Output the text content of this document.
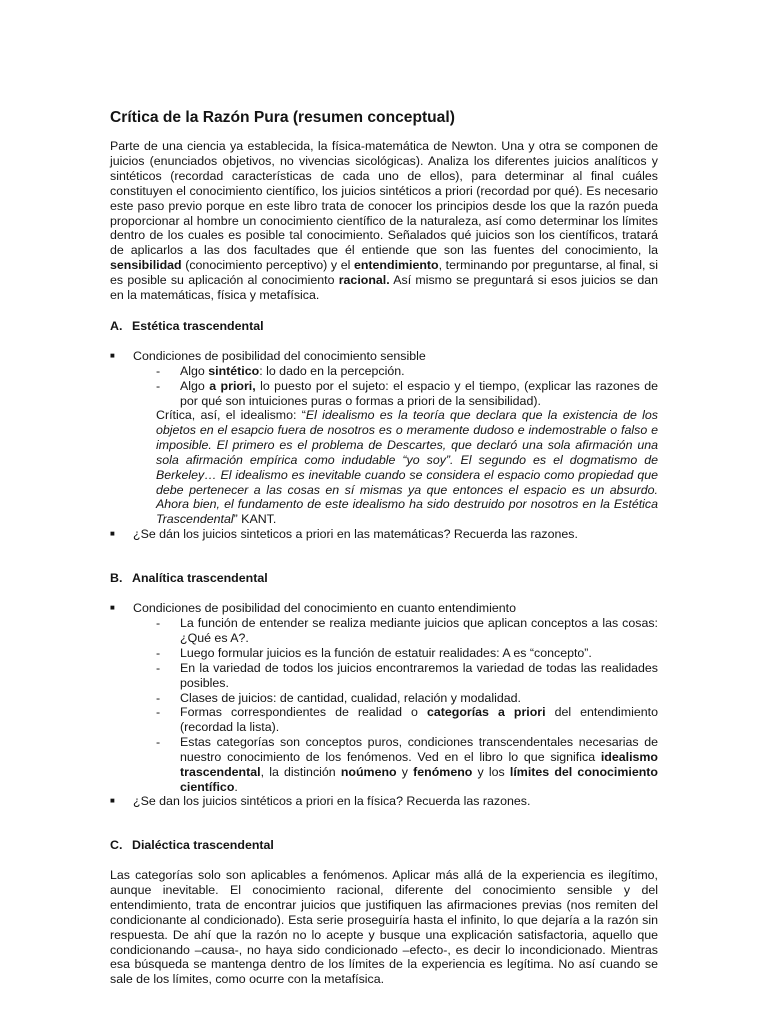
Crítica de la Razón Pura (resumen conceptual)

Parte de una ciencia ya establecida, la física-matemática de Newton. Una y otra se componen de juicios (enunciados objetivos, no vivencias sicológicas). Analiza los diferentes juicios analíticos y sintéticos (recordad características de cada uno de ellos), para determinar al final cuáles constituyen el conocimiento científico, los juicios sintéticos a priori (recordad por qué). Es necesario este paso previo porque en este libro trata de conocer los principios desde los que la razón pueda proporcionar al hombre un conocimiento científico de la naturaleza, así como determinar los límites dentro de los cuales es posible tal conocimiento. Señalados qué juicios son los científicos, tratará de aplicarlos a las dos facultades que él entiende que son las fuentes del conocimiento, la sensibilidad (conocimiento perceptivo) y el entendimiento, terminando por preguntarse, al final, si es posible su aplicación al conocimiento racional. Así mismo se preguntará si esos juicios se dan en la matemáticas, física y metafísica.

A. Estética trascendental
■ Condiciones de posibilidad del conocimiento sensible
- Algo sintético: lo dado en la percepción.
- Algo a priori, lo puesto por el sujeto: el espacio y el tiempo, (explicar las razones de por qué son intuiciones puras o formas a priori de la sensibilidad).

Crítica, así, el idealismo: “El idealismo es la teoría que declara que la existencia de los objetos en el esapcio fuera de nosotros es o meramente dudoso e indemostrable o falso e imposible. El primero es el problema de Descartes, que declaró una sola afirmación una sola afirmación empírica como indudable “yo soy”. El segundo es el dogmatismo de Berkeley… El idealismo es inevitable cuando se considera el espacio como propiedad que debe pertenecer a las cosas en sí mismas ya que entonces el espacio es un absurdo. Ahora bien, el fundamento de este idealismo ha sido destruido por nosotros en la Estética Trascendental” KANT.

■ ¿Se dán los juicios sinteticos a priori en las matemáticas? Recuerda las razones.
B. Analítica trascendental
■ Condiciones de posibilidad del conocimiento en cuanto entendimiento
- La función de entender se realiza mediante juicios que aplican conceptos a las cosas: ¿Qué es A?.
- Luego formular juicios es la función de estatuir realidades: A es “concepto”.
- En la variedad de todos los juicios encontraremos la variedad de todas las realidades posibles.
- Clases de juicios: de cantidad, cualidad, relación y modalidad.
- Formas correspondientes de realidad o categorías a priori del entendimiento (recordad la lista).
- Estas categorías son conceptos puros, condiciones transcendentales necesarias de nuestro conocimiento de los fenómenos. Ved en el libro lo que significa idealismo trascendental, la distinción noúmeno y fenómeno y los límites del conocimiento científico.
■ ¿Se dan los juicios sintéticos a priori en la física? Recuerda las razones.
C. Dialéctica trascendental

Las categorías solo son aplicables a fenómenos. Aplicar más allá de la experiencia es ilegítimo, aunque inevitable. El conocimiento racional, diferente del conocimiento sensible y del entendimiento, trata de encontrar juicios que justifiquen las afirmaciones previas (nos remiten del condicionante al condicionado). Esta serie proseguiría hasta el infinito, lo que dejaría a la razón sin respuesta. De ahí que la razón no lo acepte y busque una explicación satisfactoria, aquello que condicionando –causa-, no haya sido condicionado –efecto-, es decir lo incondicionado. Mientras esa búsqueda se mantenga dentro de los límites de la experiencia es legítima. No así cuando se sale de los límites, como ocurre con la metafísica.
